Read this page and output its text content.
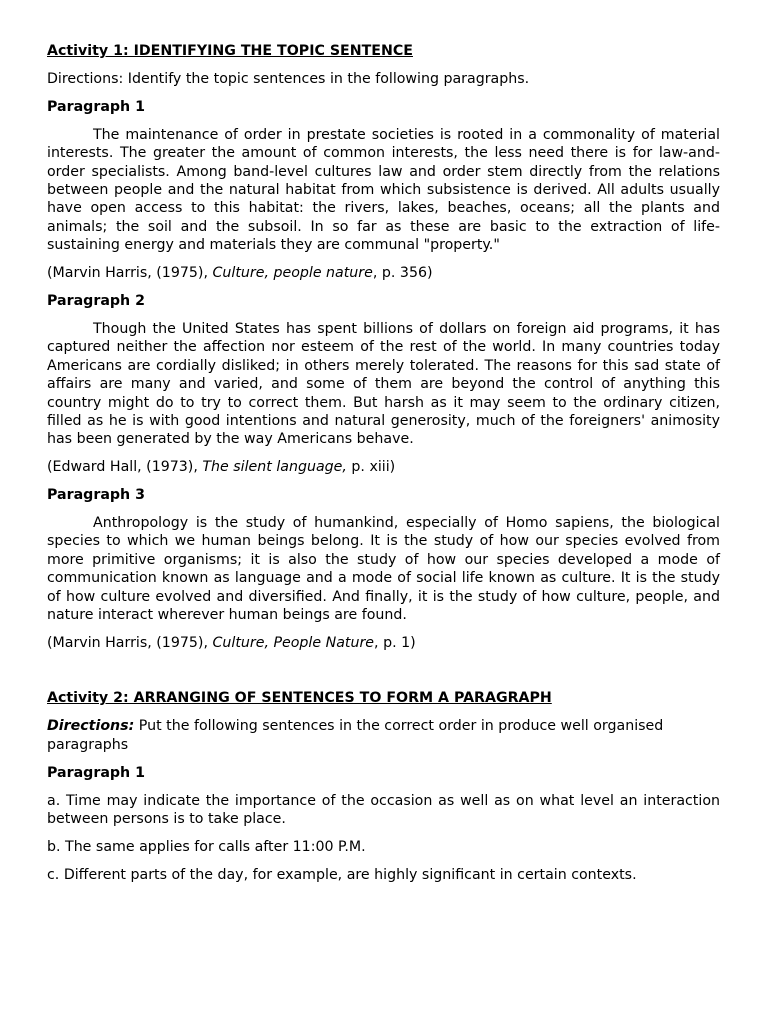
Activity 1: IDENTIFYING THE TOPIC SENTENCE

Directions: Identify the topic sentences in the following paragraphs.

Paragraph 1

The maintenance of order in prestate societies is rooted in a commonality of material interests. The greater the amount of common interests, the less need there is for law-and-order specialists. Among band-level cultures law and order stem directly from the relations between people and the natural habitat from which subsistence is derived. All adults usually have open access to this habitat: the rivers, lakes, beaches, oceans; all the plants and animals; the soil and the subsoil. In so far as these are basic to the extraction of life-sustaining energy and materials they are communal "property."

(Marvin Harris, (1975), Culture, people nature, p. 356)

Paragraph 2

Though the United States has spent billions of dollars on foreign aid programs, it has captured neither the affection nor esteem of the rest of the world. In many countries today Americans are cordially disliked; in others merely tolerated. The reasons for this sad state of affairs are many and varied, and some of them are beyond the control of anything this country might do to try to correct them. But harsh as it may seem to the ordinary citizen, filled as he is with good intentions and natural generosity, much of the foreigners' animosity has been generated by the way Americans behave.

(Edward Hall, (1973), The silent language, p. xiii)

Paragraph 3

Anthropology is the study of humankind, especially of Homo sapiens, the biological species to which we human beings belong. It is the study of how our species evolved from more primitive organisms; it is also the study of how our species developed a mode of communication known as language and a mode of social life known as culture. It is the study of how culture evolved and diversified. And finally, it is the study of how culture, people, and nature interact wherever human beings are found.

(Marvin Harris, (1975), Culture, People Nature, p. 1)

Activity 2: ARRANGING OF SENTENCES TO FORM A PARAGRAPH

Directions: Put the following sentences in the correct order in produce well organised paragraphs

Paragraph 1

a. Time may indicate the importance of the occasion as well as on what level an interaction between persons is to take place.

b. The same applies for calls after 11:00 P.M.

c. Different parts of the day, for example, are highly significant in certain contexts.
